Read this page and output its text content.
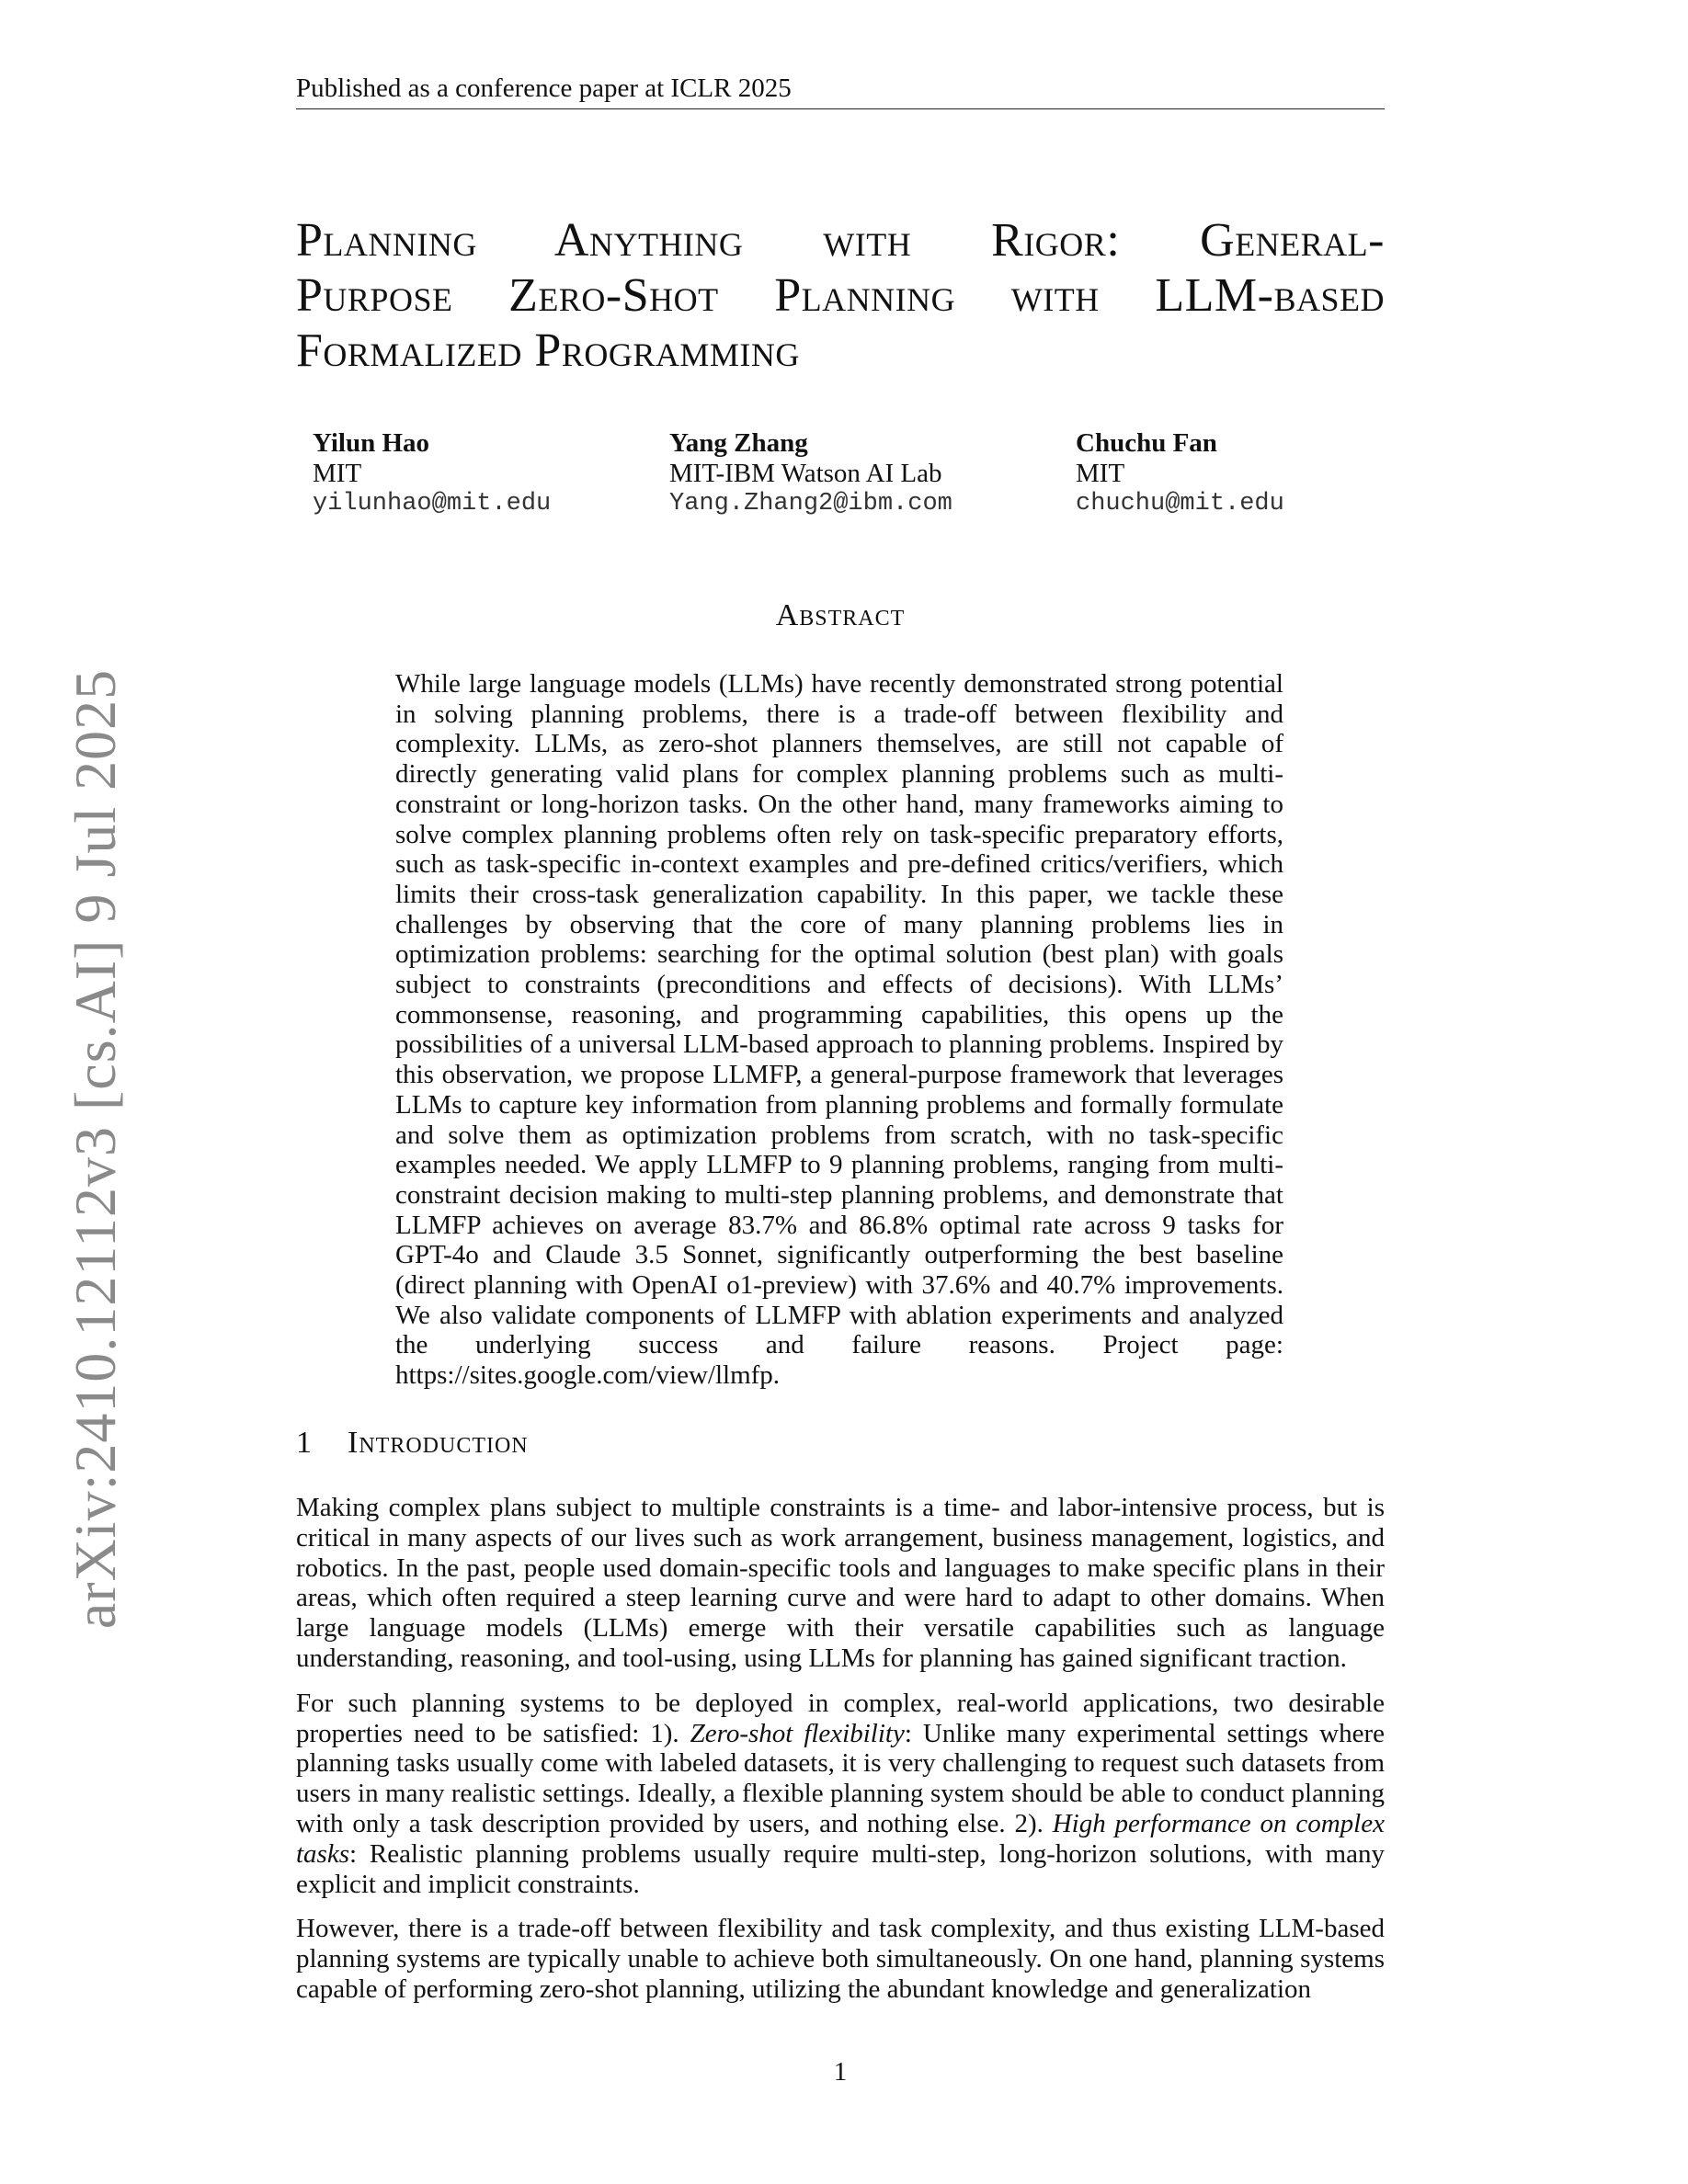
Published as a conference paper at ICLR 2025
Planning Anything with Rigor: General-
Purpose Zero-Shot Planning with LLM-based
Formalized Programming
Yilun Hao
MIT
yilunhao@mit.edu
Yang Zhang
MIT-IBM Watson AI Lab
Yang.Zhang2@ibm.com
Chuchu Fan
MIT
chuchu@mit.edu
Abstract

While large language models (LLMs) have recently demonstrated strong potential in solving planning problems, there is a trade-off between flexibility and complexity. LLMs, as zero-shot planners themselves, are still not capable of directly generating valid plans for complex planning problems such as multi-constraint or long-horizon tasks. On the other hand, many frameworks aiming to solve complex planning problems often rely on task-specific preparatory efforts, such as task-specific in-context examples and pre-defined critics/verifiers, which limits their cross-task generalization capability. In this paper, we tackle these challenges by observing that the core of many planning problems lies in optimization problems: searching for the optimal solution (best plan) with goals subject to constraints (preconditions and effects of decisions). With LLMs’ commonsense, reasoning, and programming capabilities, this opens up the possibilities of a universal LLM-based approach to planning problems. Inspired by this observation, we propose LLMFP, a general-purpose framework that leverages LLMs to capture key information from planning problems and formally formulate and solve them as optimization problems from scratch, with no task-specific examples needed. We apply LLMFP to 9 planning problems, ranging from multi-constraint decision making to multi-step planning problems, and demonstrate that LLMFP achieves on average 83.7% and 86.8% optimal rate across 9 tasks for GPT-4o and Claude 3.5 Sonnet, significantly outperforming the best baseline (direct planning with OpenAI o1-preview) with 37.6% and 40.7% improvements. We also validate components of LLMFP with ablation experiments and analyzed the underlying success and failure reasons. Project page: https://sites.google.com/view/llmfp.

1 Introduction

Making complex plans subject to multiple constraints is a time- and labor-intensive process, but is critical in many aspects of our lives such as work arrangement, business management, logistics, and robotics. In the past, people used domain-specific tools and languages to make specific plans in their areas, which often required a steep learning curve and were hard to adapt to other domains. When large language models (LLMs) emerge with their versatile capabilities such as language understanding, reasoning, and tool-using, using LLMs for planning has gained significant traction.

For such planning systems to be deployed in complex, real-world applications, two desirable properties need to be satisfied: 1). Zero-shot flexibility: Unlike many experimental settings where planning tasks usually come with labeled datasets, it is very challenging to request such datasets from users in many realistic settings. Ideally, a flexible planning system should be able to conduct planning with only a task description provided by users, and nothing else. 2). High performance on complex tasks: Realistic planning problems usually require multi-step, long-horizon solutions, with many explicit and implicit constraints.

However, there is a trade-off between flexibility and task complexity, and thus existing LLM-based planning systems are typically unable to achieve both simultaneously. On one hand, planning systems capable of performing zero-shot planning, utilizing the abundant knowledge and generalization

arXiv:2410.12112v3 [cs.AI] 9 Jul 2025
1
